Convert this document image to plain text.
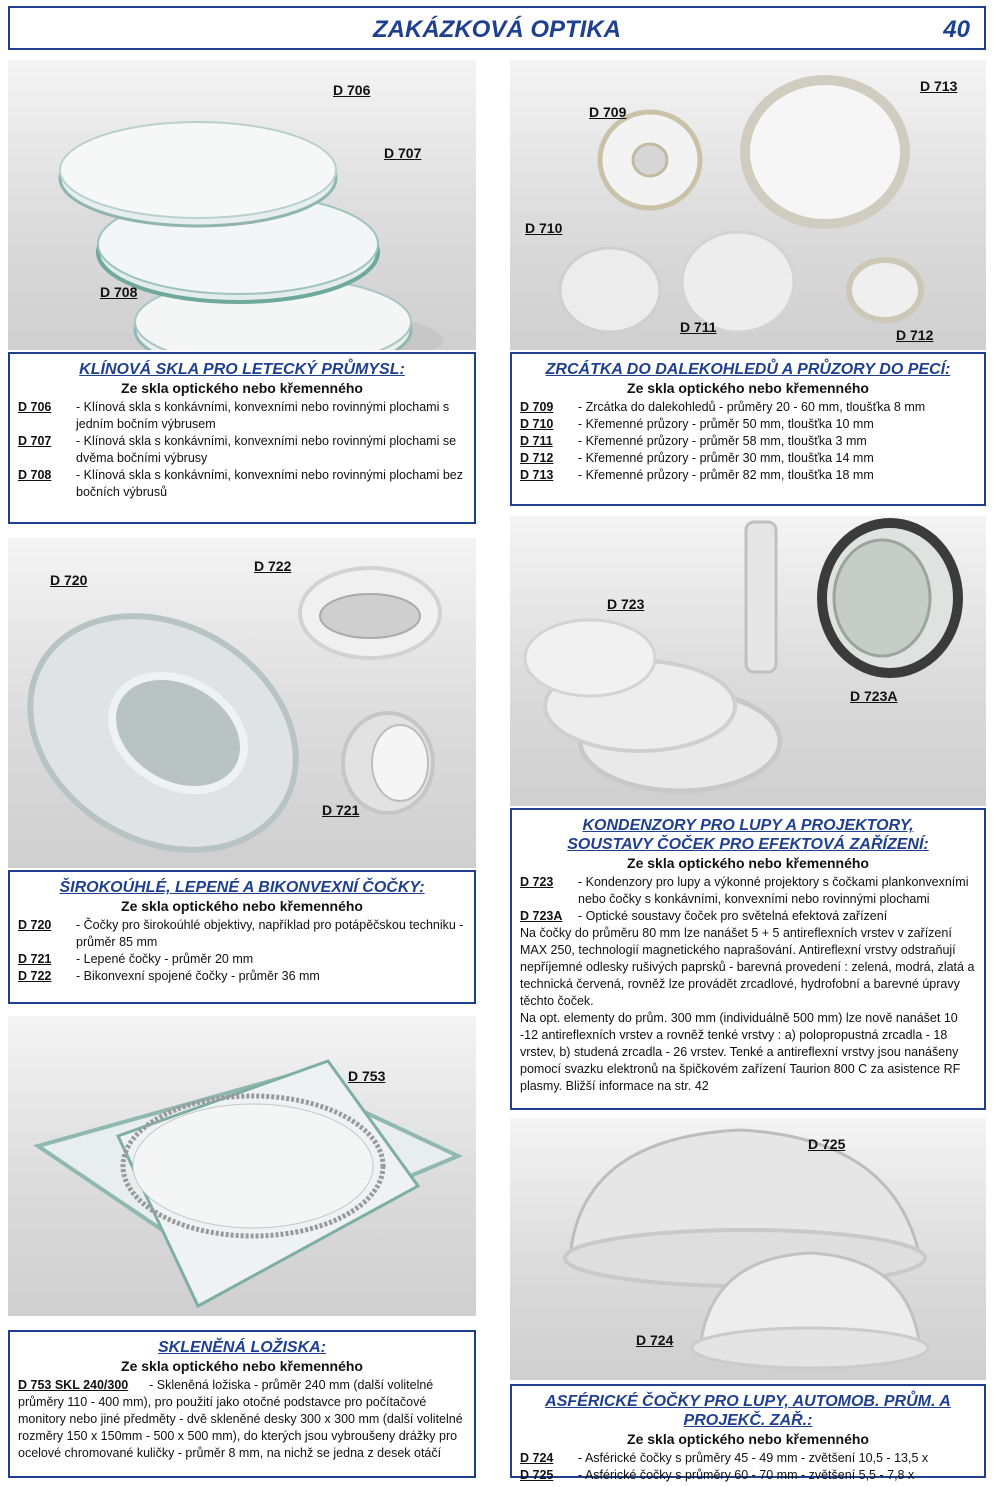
ZAKÁZKOVÁ OPTIKA	40
D 706
D 707
D 708
D 709
D 713
D 710
D 711	D 712
KLÍNOVÁ SKLA PRO LETECKÝ PRŮMYSL:
Ze skla optického nebo křemenného
D 706	- Klínová skla s konkávními, konvexními nebo rovinnými plochami s jedním bočním výbrusem
D 707	- Klínová skla s konkávními, konvexními nebo rovinnými plochami se dvěma bočními výbrusy
D 708	- Klínová skla s konkávními, konvexními nebo rovinnými plochami bez bočních výbrusů
ZRCÁTKA DO DALEKOHLEDŮ A PRŮZORY DO PECÍ:
Ze skla optického nebo křemenného
D 709	- Zrcátka do dalekohledů - průměry 20 - 60 mm, tloušťka 8 mm
D 710	- Křemenné průzory - průměr 50 mm, tloušťka 10 mm
D 711	- Křemenné průzory - průměr 58 mm, tloušťka 3 mm
D 712	- Křemenné průzory - průměr 30 mm, tloušťka 14 mm
D 713	- Křemenné průzory - průměr 82 mm, tloušťka 18 mm
D 720
D 722
D 721
D 723
D 723A
ŠIROKOÚHLÉ, LEPENÉ A BIKONVEXNÍ ČOČKY:
Ze skla optického nebo křemenného
D 720	- Čočky pro širokoúhlé objektivy, například pro potápěčskou techniku - průměr 85 mm
D 721	- Lepené čočky - průměr 20 mm
D 722	- Bikonvexní spojené čočky - průměr 36 mm
KONDENZORY PRO LUPY A PROJEKTORY,
SOUSTAVY ČOČEK PRO EFEKTOVÁ ZAŘÍZENÍ:
Ze skla optického nebo křemenného
D 723	- Kondenzory pro lupy a výkonné projektory s čočkami plankonvexními nebo čočky s konkávními, konvexními nebo rovinnými plochami
D 723A	- Optické soustavy čoček pro světelná efektová zařízení
Na čočky do průměru 80 mm lze nanášet 5 + 5 antireflexních vrstev v zařízení MAX 250, technologií magnetického naprašování. Antireflexní vrstvy odstraňují nepříjemné odlesky rušivých paprsků - barevná provedení : zelená, modrá, zlatá a technická červená, rovněž lze provádět zrcadlové, hydrofobní a barevné úpravy těchto čoček.
Na opt. elementy do prům. 300 mm (individuálně 500 mm) lze nově nanášet 10 -12 antireflexních vrstev a rovněž tenké vrstvy : a) polopropustná zrcadla - 18 vrstev, b) studená zrcadla - 26 vrstev. Tenké a antireflexní vrstvy jsou nanášeny pomocí svazku elektronů na špičkovém zařízení Taurion 800 C za asistence RF plasmy. Bližší informace na str. 42
D 753
D 725
D 724
SKLENĚNÁ LOŽISKA:
Ze skla optického nebo křemenného
D 753 SKL 240/300 - Skleněná ložiska - průměr 240 mm (další volitelné průměry 110 - 400 mm), pro použití jako otočné podstavce pro počítačové monitory nebo jiné předměty - dvě skleněné desky 300 x 300 mm (další volitelné rozměry 150 x 150mm - 500 x 500 mm), do kterých jsou vybroušeny drážky pro ocelové chromované kuličky - průměr 8 mm, na nichž se jedna z desek otáčí
ASFÉRICKÉ ČOČKY PRO LUPY, AUTOMOB. PRŮM. A PROJEKČ. ZAŘ.:
Ze skla optického nebo křemenného
D 724	- Asférické čočky s průměry 45 - 49 mm - zvětšení 10,5 - 13,5 x
D 725	- Asférické čočky s průměry 60 - 70 mm - zvětšení 5,5 - 7,8 x
